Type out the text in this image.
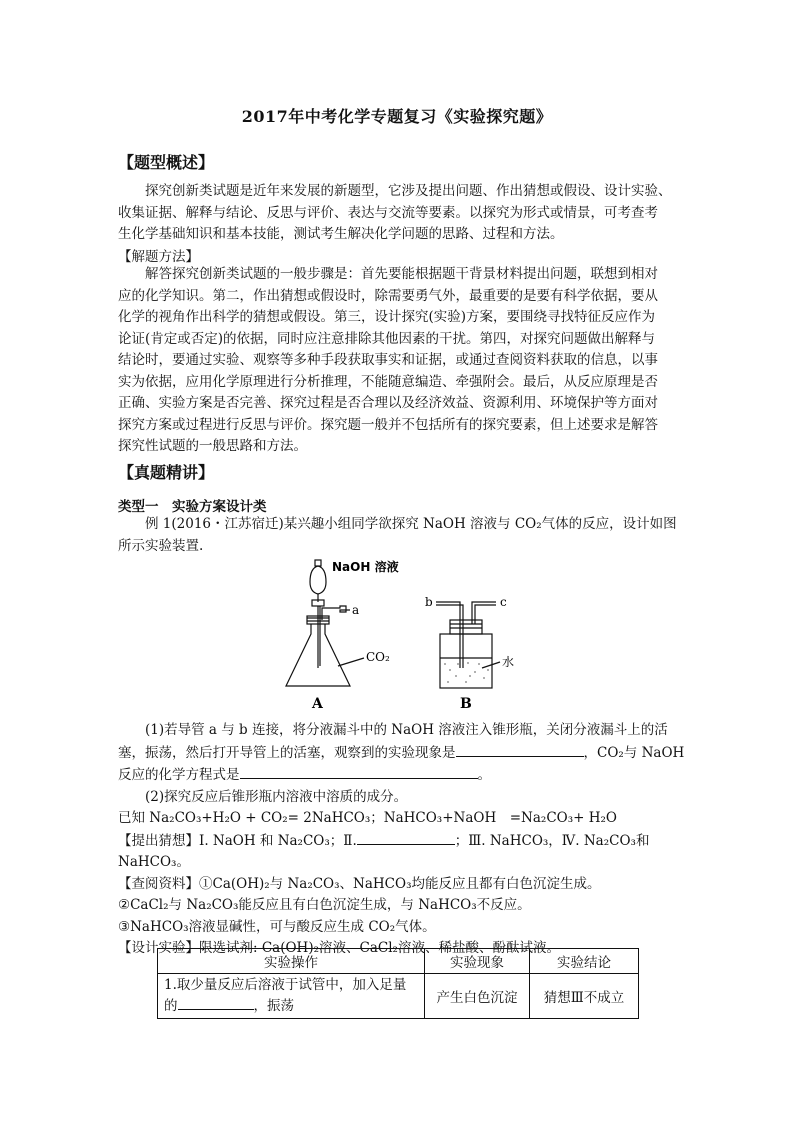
2017年中考化学专题复习《实验探究题》
【题型概述】
探究创新类试题是近年来发展的新题型，它涉及提出问题、作出猜想或假设、设计实验、
收集证据、解释与结论、反思与评价、表达与交流等要素。以探究为形式或情景，可考查考
生化学基础知识和基本技能，测试考生解决化学问题的思路、过程和方法。
【解题方法】
解答探究创新类试题的一般步骤是：首先要能根据题干背景材料提出问题，联想到相对
应的化学知识。第二，作出猜想或假设时，除需要勇气外，最重要的是要有科学依据，要从
化学的视角作出科学的猜想或假设。第三，设计探究(实验)方案，要围绕寻找特征反应作为
论证(肯定或否定)的依据，同时应注意排除其他因素的干扰。第四，对探究问题做出解释与
结论时，要通过实验、观察等多种手段获取事实和证据，或通过查阅资料获取的信息，以事
实为依据，应用化学原理进行分析推理，不能随意编造、牵强附会。最后，从反应原理是否
正确、实验方案是否完善、探究过程是否合理以及经济效益、资源利用、环境保护等方面对
探究方案或过程进行反思与评价。探究题一般并不包括所有的探究要素，但上述要求是解答
探究性试题的一般思路和方法。
【真题精讲】
类型一　实验方案设计类
例 1(2016・江苏宿迁)某兴趣小组同学欲探究 NaOH 溶液与 CO₂气体的反应，设计如图
所示实验装置.
NaOH 溶液
a
b	c
CO₂	水
A	B
(1)若导管 a 与 b 连接，将分液漏斗中的 NaOH 溶液注入锥形瓶，关闭分液漏斗上的活
塞，振荡，然后打开导管上的活塞，观察到的实验现象是	，CO₂与 NaOH
反应的化学方程式是	。
(2)探究反应后锥形瓶内溶液中溶质的成分。
已知 Na₂CO₃+H₂O + CO₂= 2NaHCO₃；NaHCO₃+NaOH　=Na₂CO₃+ H₂O
【提出猜想】Ⅰ. NaOH 和 Na₂CO₃；Ⅱ.	；Ⅲ. NaHCO₃，Ⅳ. Na₂CO₃和
NaHCO₃。
【查阅资料】①Ca(OH)₂与 Na₂CO₃、NaHCO₃均能反应且都有白色沉淀生成。
②CaCl₂与 Na₂CO₃能反应且有白色沉淀生成，与 NaHCO₃不反应。
③NaHCO₃溶液显碱性，可与酸反应生成 CO₂气体。
【设计实验】限选试剂: Ca(OH)₂溶液、CaCl₂溶液、稀盐酸、酚酞试液。
实验操作	实验现象	实验结论
1.取少量反应后溶液于试管中，加入足量
的 ，振荡	产生白色沉淀	猜想Ⅲ不成立
